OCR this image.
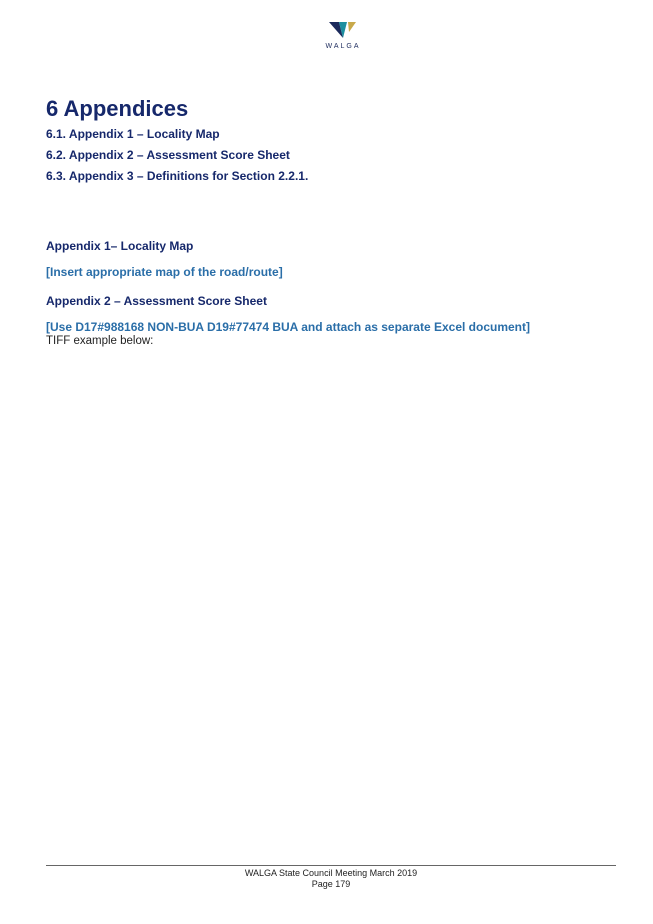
WALGA
6 Appendices
6.1. Appendix 1 – Locality Map
6.2. Appendix 2 – Assessment Score Sheet
6.3. Appendix 3 – Definitions for Section 2.2.1.

Appendix 1– Locality Map

[Insert appropriate map of the road/route]

Appendix 2 – Assessment Score Sheet

[Use D17#988168 NON-BUA D19#77474 BUA and attach as separate Excel document]

TIFF example below:

WALGA State Council Meeting March 2019
Page 179
